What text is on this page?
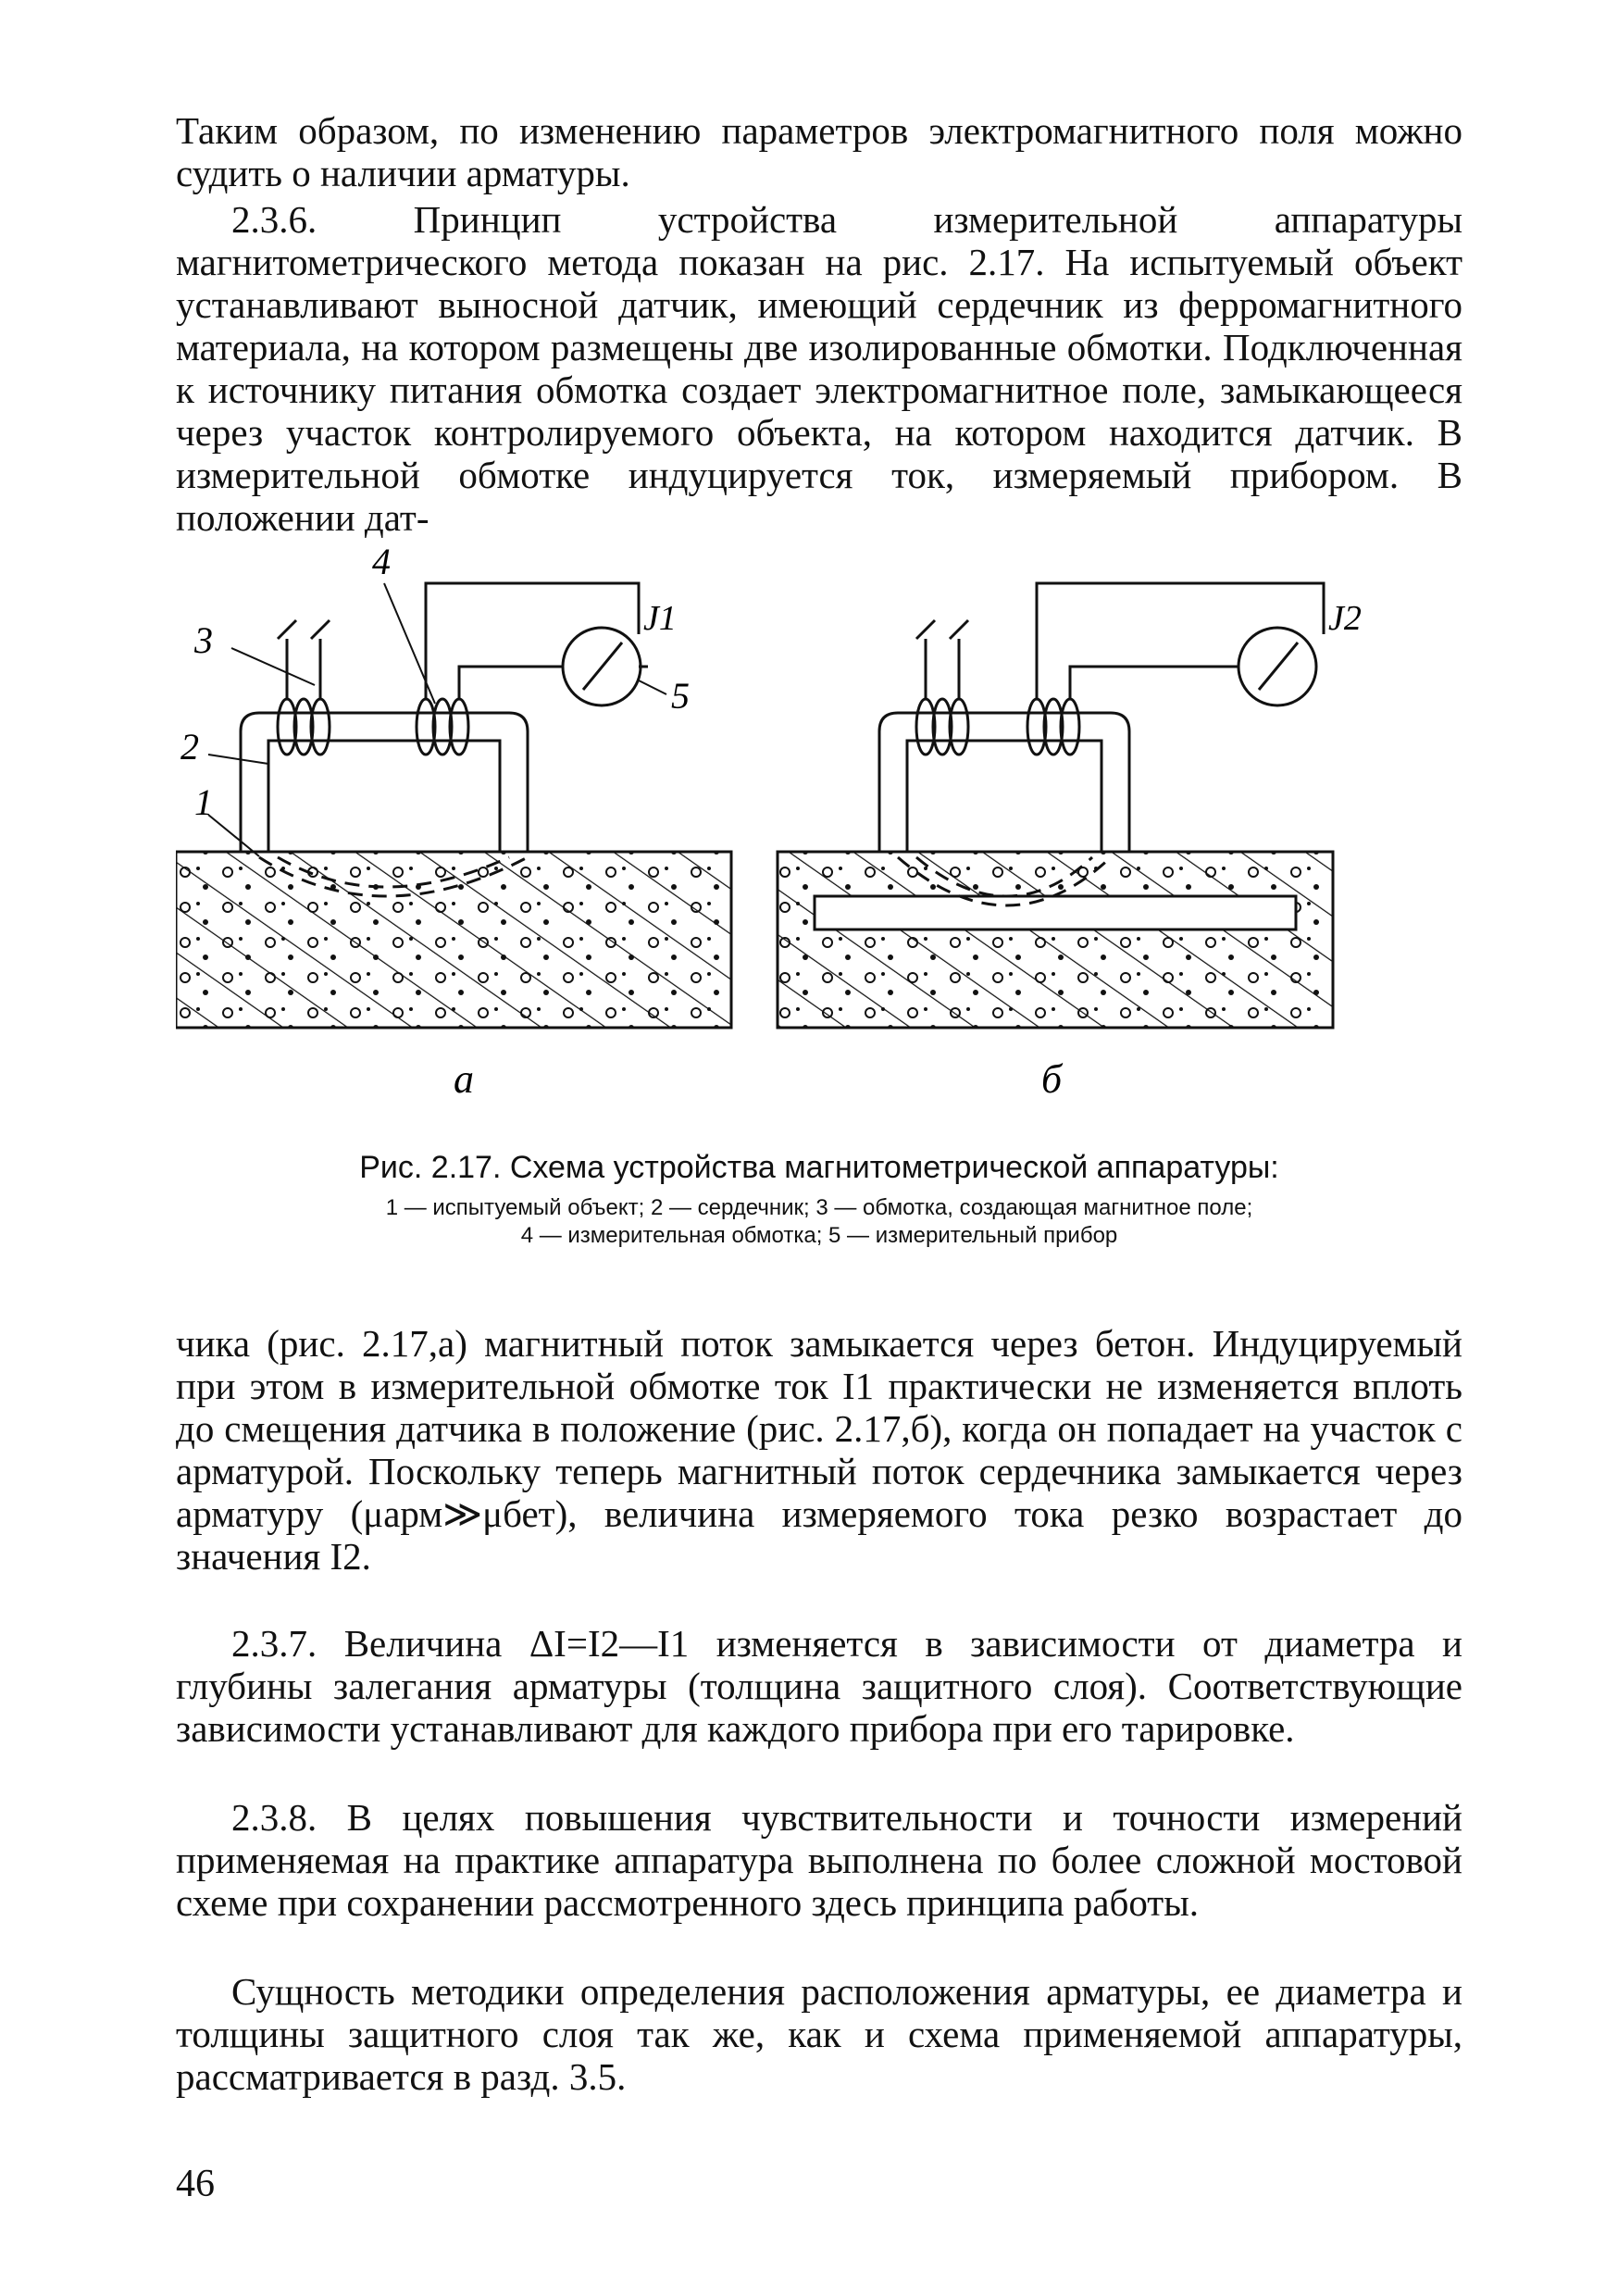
Таким образом, по изменению параметров электромагнитного поля можно судить о наличии арматуры.
2.3.6. Принцип устройства измерительной аппаратуры магнитометрического метода показан на рис. 2.17. На испытуемый объект устанавливают выносной датчик, имеющий сердечник из ферромагнитного материала, на котором размещены две изолированные обмотки. Подключенная к источнику питания обмотка создает электромагнитное поле, замыкающееся через участок контролируемого объекта, на котором находится датчик. В измерительной обмотке индуцируется ток, измеряемый прибором. В положении дат-
3
2
1
4
5
J1	J2
а	б
Рис. 2.17. Схема устройства магнитометрической аппаратуры:
1 — испытуемый объект; 2 — сердечник; 3 — обмотка, создающая магнитное поле;
4 — измерительная обмотка; 5 — измерительный прибор
чика (рис. 2.17,а) магнитный поток замыкается через бетон. Индуцируемый при этом в измерительной обмотке ток I1 практически не изменяется вплоть до смещения датчика в положение (рис. 2.17,б), когда он попадает на участок с арматурой. Поскольку теперь магнитный поток сердечника замыкается через арматуру (μарм≫μбет), величина измеряемого тока резко возрастает до значения I2.
2.3.7. Величина ΔI=I2—I1 изменяется в зависимости от диаметра и глубины залегания арматуры (толщина защитного слоя). Соответствующие зависимости устанавливают для каждого прибора при его тарировке.
2.3.8. В целях повышения чувствительности и точности измерений применяемая на практике аппаратура выполнена по более сложной мостовой схеме при сохранении рассмотренного здесь принципа работы.
Сущность методики определения расположения арматуры, ее диаметра и толщины защитного слоя так же, как и схема применяемой аппаратуры, рассматривается в разд. 3.5.
46
